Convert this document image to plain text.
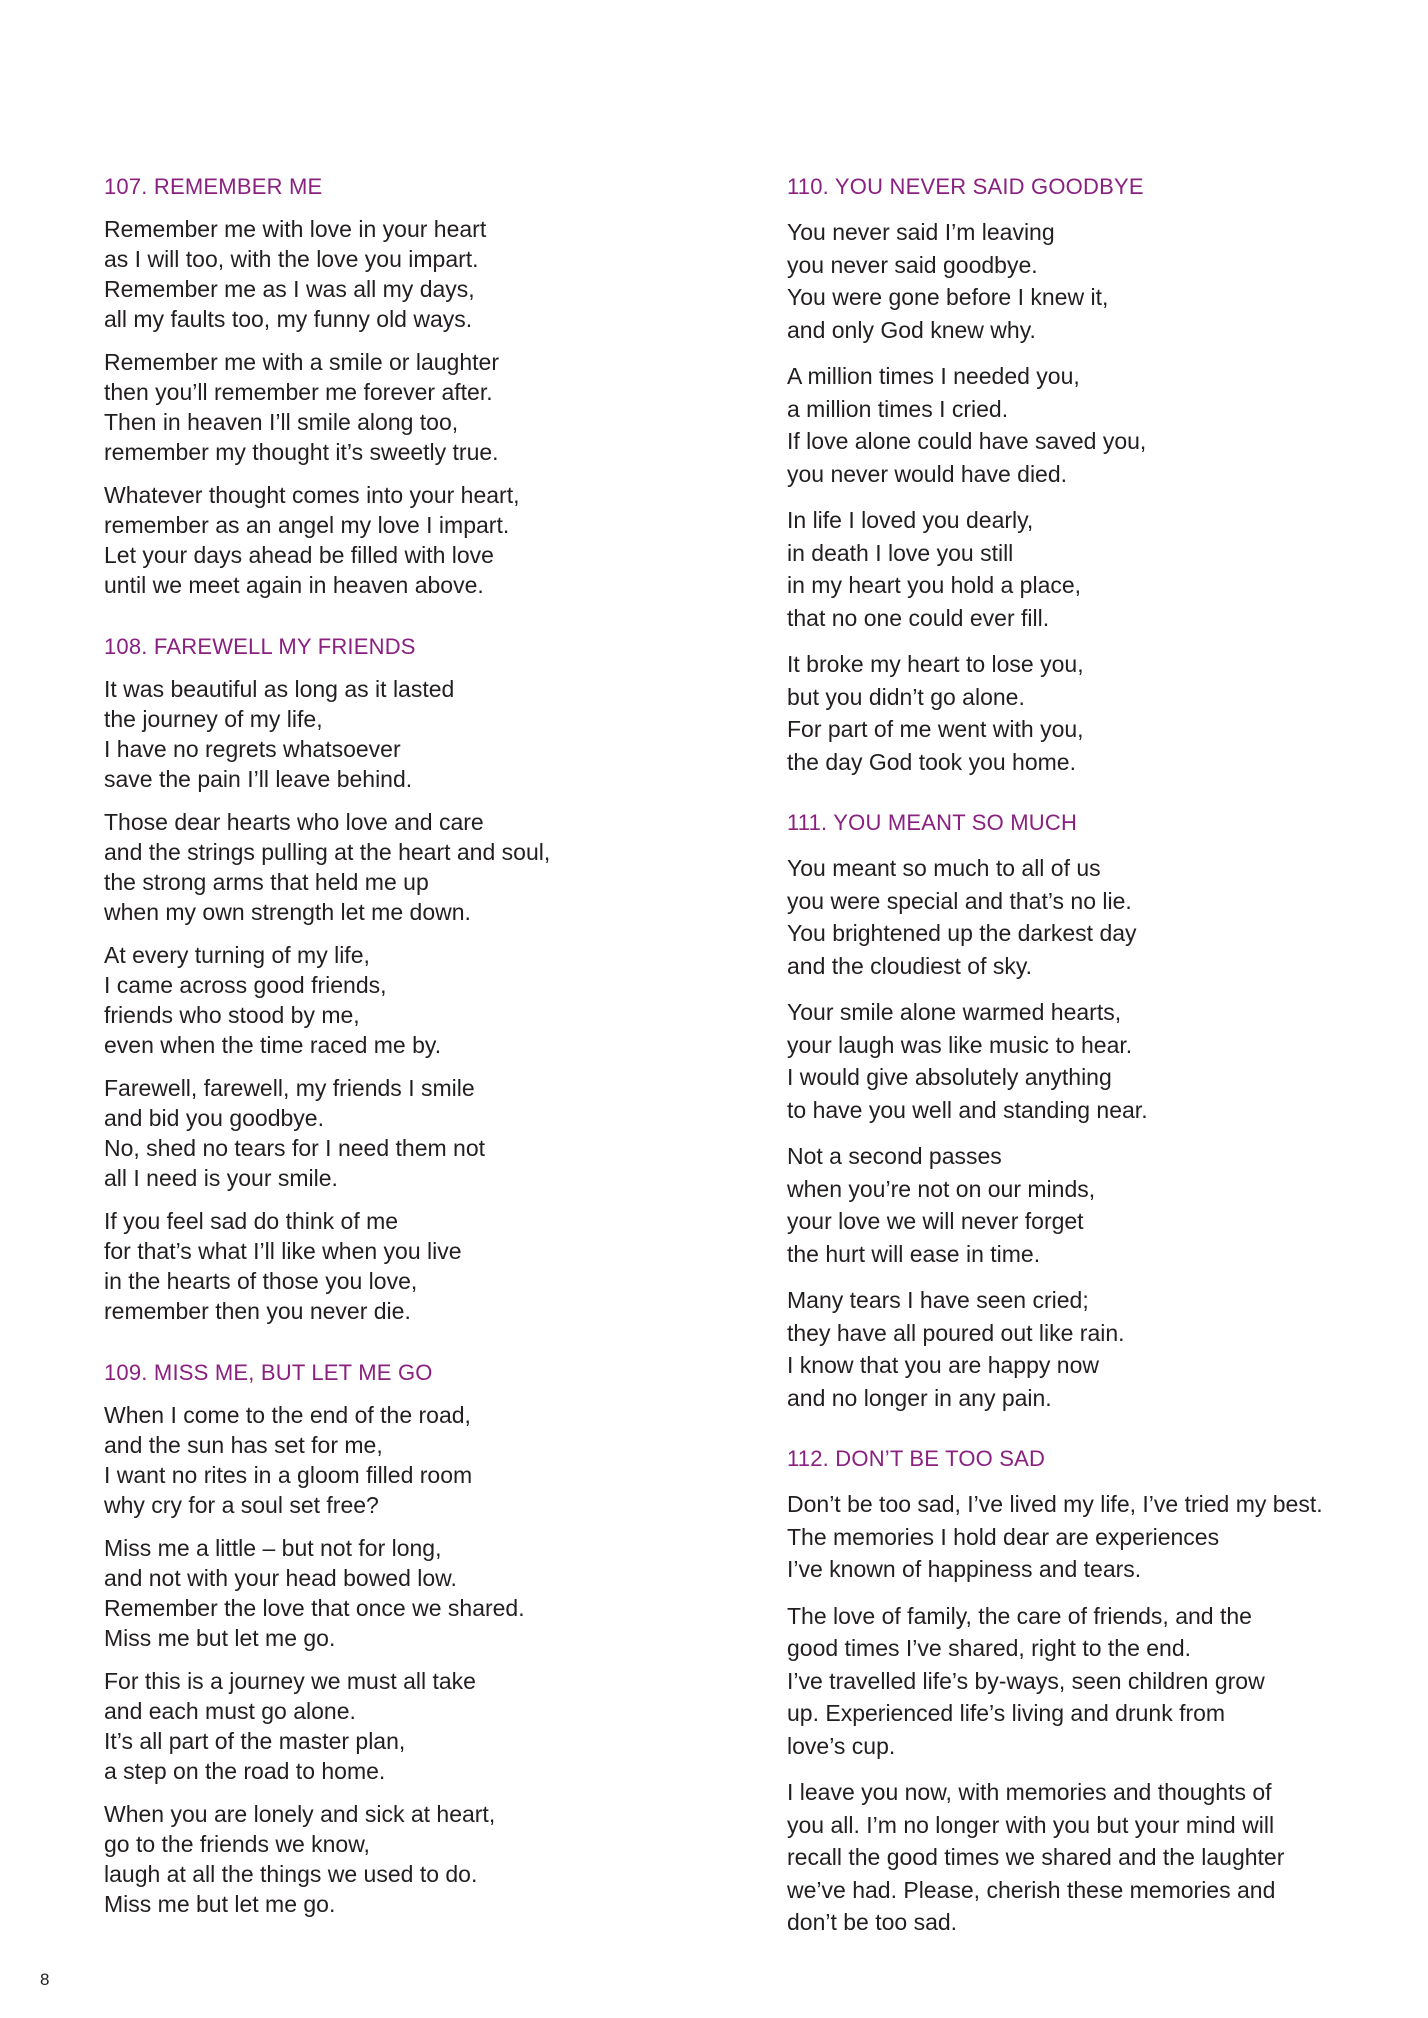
107. REMEMBER ME

Remember me with love in your heart
as I will too, with the love you impart.
Remember me as I was all my days,
all my faults too, my funny old ways.

Remember me with a smile or laughter
then you’ll remember me forever after.
Then in heaven I’ll smile along too,
remember my thought it’s sweetly true.

Whatever thought comes into your heart,
remember as an angel my love I impart.
Let your days ahead be filled with love
until we meet again in heaven above.

108. FAREWELL MY FRIENDS

It was beautiful as long as it lasted
the journey of my life,
I have no regrets whatsoever
save the pain I’ll leave behind.

Those dear hearts who love and care
and the strings pulling at the heart and soul,
the strong arms that held me up
when my own strength let me down.

At every turning of my life,
I came across good friends,
friends who stood by me,
even when the time raced me by.

Farewell, farewell, my friends I smile
and bid you goodbye.
No, shed no tears for I need them not
all I need is your smile.

If you feel sad do think of me
for that’s what I’ll like when you live
in the hearts of those you love,
remember then you never die.

109. MISS ME, BUT LET ME GO

When I come to the end of the road,
and the sun has set for me,
I want no rites in a gloom filled room
why cry for a soul set free?

Miss me a little – but not for long,
and not with your head bowed low.
Remember the love that once we shared.
Miss me but let me go.

For this is a journey we must all take
and each must go alone.
It’s all part of the master plan,
a step on the road to home.

When you are lonely and sick at heart,
go to the friends we know,
laugh at all the things we used to do.
Miss me but let me go.

110. YOU NEVER SAID GOODBYE

You never said I’m leaving
you never said goodbye.
You were gone before I knew it,
and only God knew why.

A million times I needed you,
a million times I cried.
If love alone could have saved you,
you never would have died.

In life I loved you dearly,
in death I love you still
in my heart you hold a place,
that no one could ever fill.

It broke my heart to lose you,
but you didn’t go alone.
For part of me went with you,
the day God took you home.

111. YOU MEANT SO MUCH

You meant so much to all of us
you were special and that’s no lie.
You brightened up the darkest day
and the cloudiest of sky.

Your smile alone warmed hearts,
your laugh was like music to hear.
I would give absolutely anything
to have you well and standing near.

Not a second passes
when you’re not on our minds,
your love we will never forget
the hurt will ease in time.

Many tears I have seen cried;
they have all poured out like rain.
I know that you are happy now
and no longer in any pain.

112. DON’T BE TOO SAD

Don’t be too sad, I’ve lived my life, I’ve tried my best.
The memories I hold dear are experiences
I’ve known of happiness and tears.

The love of family, the care of friends, and the
good times I’ve shared, right to the end.
I’ve travelled life’s by-ways, seen children grow
up. Experienced life’s living and drunk from
love’s cup.

I leave you now, with memories and thoughts of
you all. I’m no longer with you but your mind will
recall the good times we shared and the laughter
we’ve had. Please, cherish these memories and
don’t be too sad.

8
